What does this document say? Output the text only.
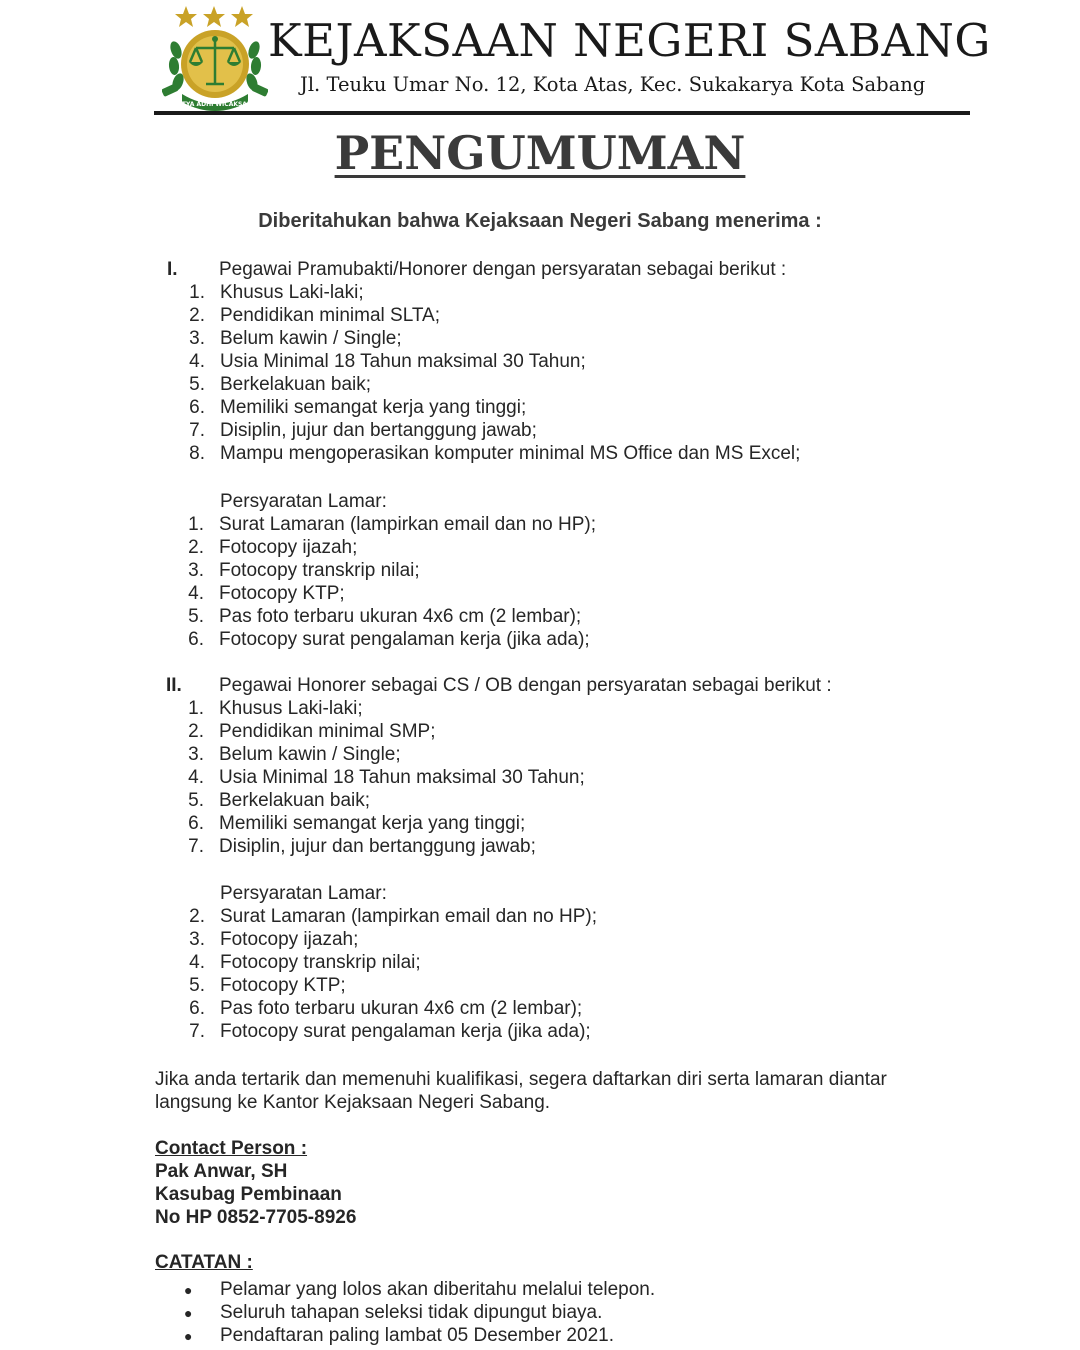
SATYA ADHI WICAKSANA
KEJAKSAAN NEGERI SABANG
Jl. Teuku Umar No. 12, Kota Atas, Kec. Sukakarya Kota Sabang
PENGUMUMAN
Diberitahukan bahwa Kejaksaan Negeri Sabang menerima :
I. Pegawai Pramubakti/Honorer dengan persyaratan sebagai berikut :
1. Khusus Laki-laki;
2. Pendidikan minimal SLTA;
3. Belum kawin / Single;
4. Usia Minimal 18 Tahun maksimal 30 Tahun;
5. Berkelakuan baik;
6. Memiliki semangat kerja yang tinggi;
7. Disiplin, jujur dan bertanggung jawab;
8. Mampu mengoperasikan komputer minimal MS Office dan MS Excel;
Persyaratan Lamar:
1. Surat Lamaran (lampirkan email dan no HP);
2. Fotocopy ijazah;
3. Fotocopy transkrip nilai;
4. Fotocopy KTP;
5. Pas foto terbaru ukuran 4x6 cm (2 lembar);
6. Fotocopy surat pengalaman kerja (jika ada);
II. Pegawai Honorer sebagai CS / OB dengan persyaratan sebagai berikut :
1. Khusus Laki-laki;
2. Pendidikan minimal SMP;
3. Belum kawin / Single;
4. Usia Minimal 18 Tahun maksimal 30 Tahun;
5. Berkelakuan baik;
6. Memiliki semangat kerja yang tinggi;
7. Disiplin, jujur dan bertanggung jawab;
Persyaratan Lamar:
2. Surat Lamaran (lampirkan email dan no HP);
3. Fotocopy ijazah;
4. Fotocopy transkrip nilai;
5. Fotocopy KTP;
6. Pas foto terbaru ukuran 4x6 cm (2 lembar);
7. Fotocopy surat pengalaman kerja (jika ada);
Jika anda tertarik dan memenuhi kualifikasi, segera daftarkan diri serta lamaran diantar langsung ke Kantor Kejaksaan Negeri Sabang.
Contact Person :
Pak Anwar, SH
Kasubag Pembinaan
No HP 0852-7705-8926
CATATAN :
● Pelamar yang lolos akan diberitahu melalui telepon.
● Seluruh tahapan seleksi tidak dipungut biaya.
● Pendaftaran paling lambat 05 Desember 2021.
